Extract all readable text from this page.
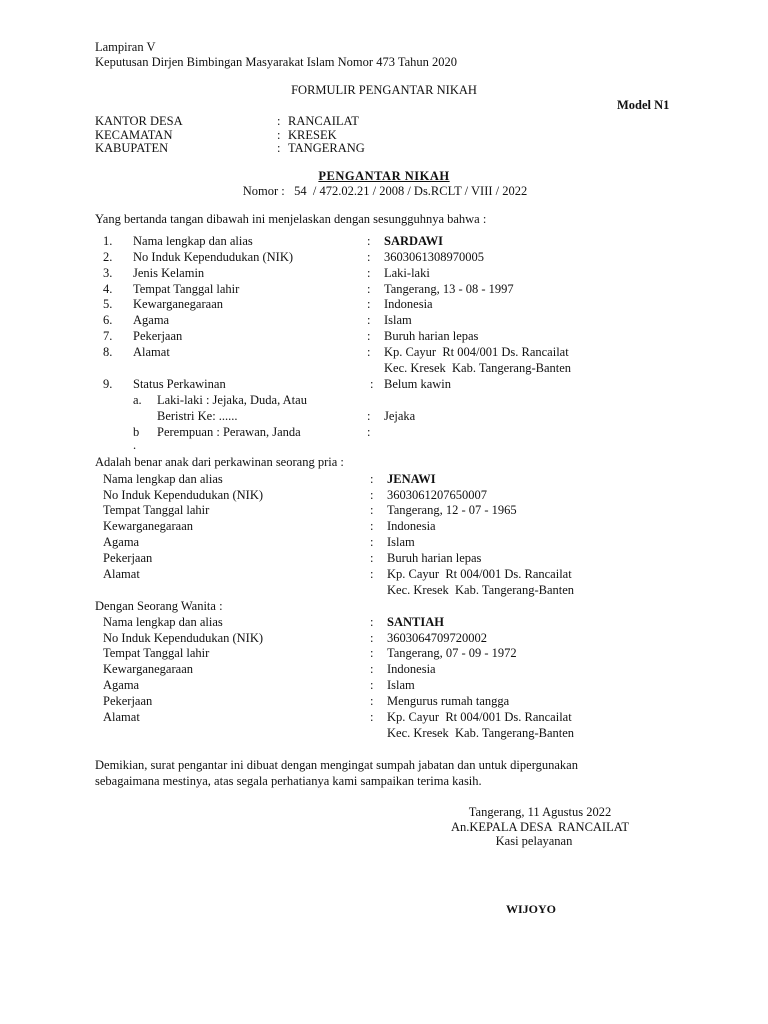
Lampiran V
Keputusan Dirjen Bimbingan Masyarakat Islam Nomor 473 Tahun 2020
FORMULIR PENGANTAR NIKAH
Model N1
KANTOR DESA	: RANCAILAT
KECAMATAN	: KRESEK
KABUPATEN	: TANGERANG
PENGANTAR NIKAH
Nomor :   54  / 472.02.21 / 2008 / Ds.RCLT / VIII / 2022
Yang bertanda tangan dibawah ini menjelaskan dengan sesungguhnya bahwa :
1. Nama lengkap dan alias	: SARDAWI
2. No Induk Kependudukan (NIK)	: 3603061308970005
3. Jenis Kelamin	: Laki-laki
4. Tempat Tanggal lahir	: Tangerang, 13 - 08 - 1997
5. Kewarganegaraan	: Indonesia
6. Agama	: Islam
7. Pekerjaan	: Buruh harian lepas
8. Alamat	: Kp. Cayur  Rt 004/001 Ds. Rancailat
Kec. Kresek  Kab. Tangerang-Banten
9. Status Perkawinan	: Belum kawin
a. Laki-laki : Jejaka, Duda, Atau
Beristri Ke: ......	: Jejaka
b Perempuan : Perawan, Janda	:
.
Adalah benar anak dari perkawinan seorang pria :
Nama lengkap dan alias	: JENAWI
No Induk Kependudukan (NIK)	: 3603061207650007
Tempat Tanggal lahir	: Tangerang, 12 - 07 - 1965
Kewarganegaraan	: Indonesia
Agama	: Islam
Pekerjaan	: Buruh harian lepas
Alamat	: Kp. Cayur  Rt 004/001 Ds. Rancailat
Kec. Kresek  Kab. Tangerang-Banten
Dengan Seorang Wanita :
Nama lengkap dan alias	: SANTIAH
No Induk Kependudukan (NIK)	: 3603064709720002
Tempat Tanggal lahir	: Tangerang, 07 - 09 - 1972
Kewarganegaraan	: Indonesia
Agama	: Islam
Pekerjaan	: Mengurus rumah tangga
Alamat	: Kp. Cayur  Rt 004/001 Ds. Rancailat
Kec. Kresek  Kab. Tangerang-Banten
Demikian, surat pengantar ini dibuat dengan mengingat sumpah jabatan dan untuk dipergunakan
sebagaimana mestinya, atas segala perhatianya kami sampaikan terima kasih.
Tangerang, 11 Agustus 2022
An.KEPALA DESA  RANCAILAT
Kasi pelayanan
WIJOYO
